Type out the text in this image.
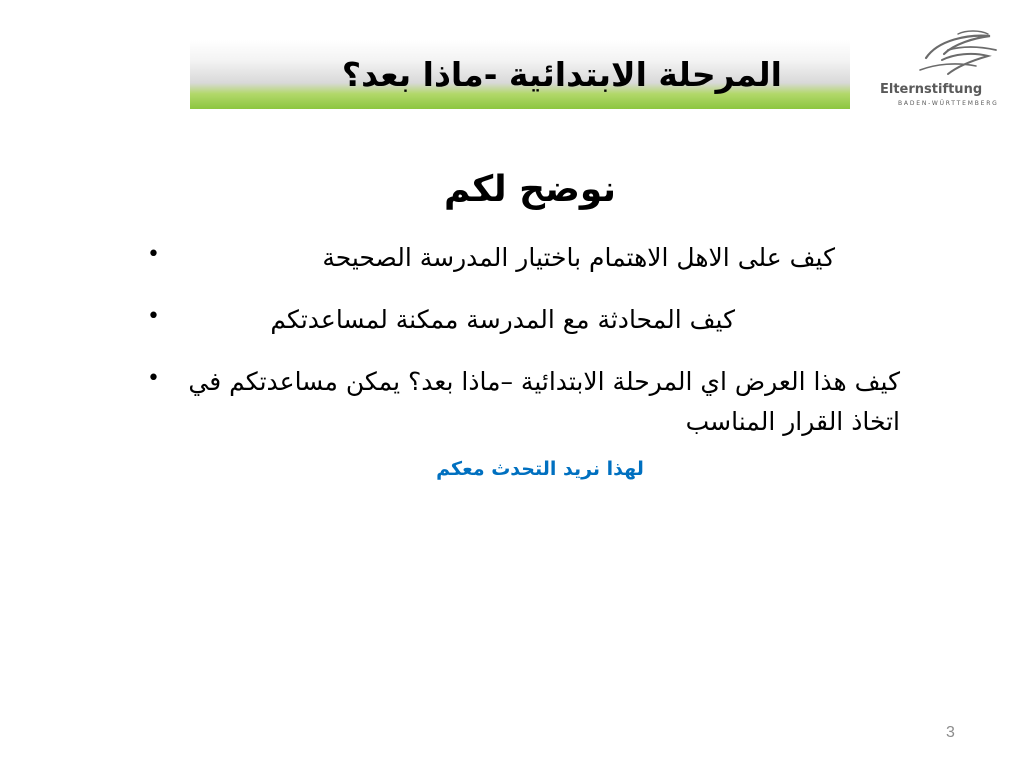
المرحلة الابتدائية -ماذا بعد؟	Elternstiftung
BADEN-WÜRTTEMBERG
نوضح لكم
•	كيف على الاهل الاهتمام باختيار المدرسة الصحيحة
•	كيف المحادثة مع المدرسة ممكنة لمساعدتكم
• كيف هذا العرض اي المرحلة الابتدائية –ماذا بعد؟ يمكن مساعدتكم في اتخاذ القرار المناسب
لهذا نريد التحدث معكم
3
